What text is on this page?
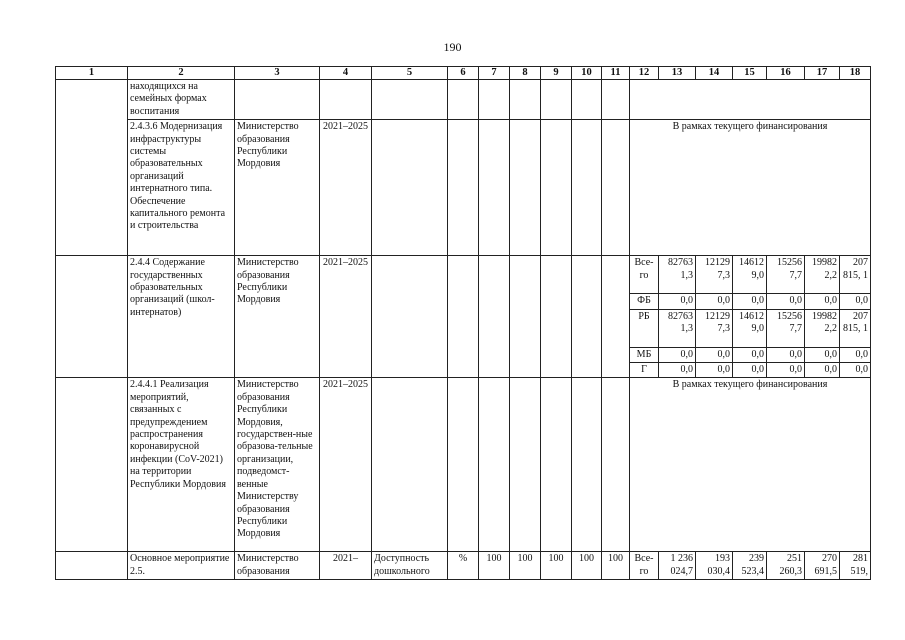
190
1	2	3	4	5	6	7	8	9	10	11	12	13	14	15	16	17	18
	находящихся на семейных формах воспитания																
	2.4.3.6 Модернизация инфраструктуры системы образовательных организаций интернатного типа. Обеспечение капитального ремонта и строительства	Министерство образования Республики Мордовия	2021–2025								В рамках текущего финансирования						
	2.4.4 Содержание государственных образовательных организаций (школ-интернатов)	Министерство образования Республики Мордовия	2021–2025								Все-го	82763 1,3	12129 7,3	14612 9,0	15256 7,7	19982 2,2	207 815, 1
											ФБ	0,0	0,0	0,0	0,0	0,0	0,0
											РБ	82763 1,3	12129 7,3	14612 9,0	15256 7,7	19982 2,2	207 815, 1
											МБ	0,0	0,0	0,0	0,0	0,0	0,0
											Г	0,0	0,0	0,0	0,0	0,0	0,0
	2.4.4.1 Реализация мероприятий, связанных с предупреждением распространения коронавирусной инфекции (CoV-2021) на территории Республики Мордовия	Министерство образования Республики Мордовия, государствен-ные образова-тельные организации, подведомст-венные Министерству образования Республики Мордовия	2021–2025								В рамках текущего финансирования						
	Основное мероприятие 2.5.	Министерство образования	2021–	Доступность дошкольного	%	100	100	100	100	100	Все-го	1 236 024,7	193 030,4	239 523,4	251 260,3	270 691,5	281 519,
